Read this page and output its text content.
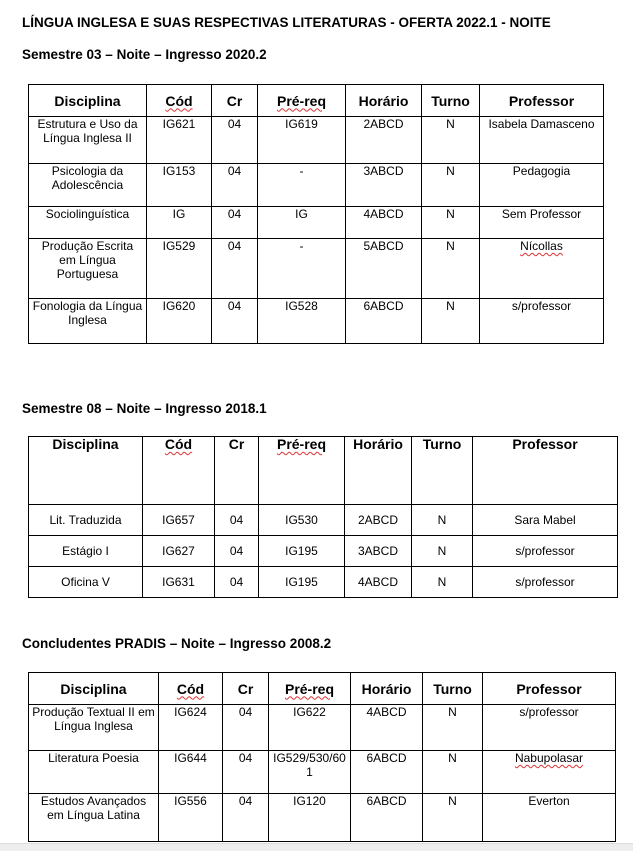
LÍNGUA INGLESA E SUAS RESPECTIVAS LITERATURAS - OFERTA 2022.1 - NOITE
Semestre 03 – Noite – Ingresso 2020.2
Disciplina	Cód	Cr	Pré-req	Horário	Turno	Professor
Estrutura e Uso da Língua Inglesa II	IG621	04	IG619	2ABCD	N	Isabela Damasceno
Psicologia da Adolescência	IG153	04	-	3ABCD	N	Pedagogia
Sociolinguística	IG	04	IG	4ABCD	N	Sem Professor
Produção Escrita em Língua Portuguesa	IG529	04	-	5ABCD	N	Nícollas
Fonologia da Língua Inglesa	IG620	04	IG528	6ABCD	N	s/professor
Semestre 08 – Noite – Ingresso 2018.1
Disciplina	Cód	Cr	Pré-req	Horário	Turno	Professor
Lit. Traduzida	IG657	04	IG530	2ABCD	N	Sara Mabel
Estágio I	IG627	04	IG195	3ABCD	N	s/professor
Oficina V	IG631	04	IG195	4ABCD	N	s/professor
Concludentes PRADIS – Noite – Ingresso 2008.2
Disciplina	Cód	Cr	Pré-req	Horário	Turno	Professor
Produção Textual II em Língua Inglesa	IG624	04	IG622	4ABCD	N	s/professor
Literatura Poesia	IG644	04	IG529/530/601	6ABCD	N	Nabupolasar
Estudos Avançados em Língua Latina	IG556	04	IG120	6ABCD	N	Everton
